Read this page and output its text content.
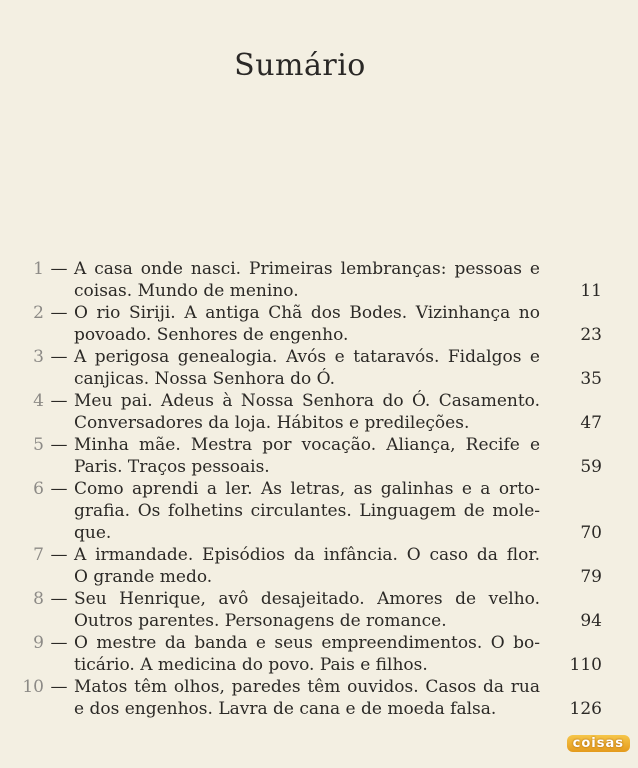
Sumário
1 — A casa onde nasci. Primeiras lembranças: pessoas e
coisas. Mundo de menino.	11
2 — O rio Siriji. A antiga Chã dos Bodes. Vizinhança no
povoado. Senhores de engenho.	23
3 — A perigosa genealogia. Avós e tataravós. Fidalgos e
canjicas. Nossa Senhora do Ó.	35
4 — Meu pai. Adeus à Nossa Senhora do Ó. Casamento.
Conversadores da loja. Hábitos e predileções.	47
5 — Minha mãe. Mestra por vocação. Aliança, Recife e
Paris. Traços pessoais.	59
6 — Como aprendi a ler. As letras, as galinhas e a orto-
grafia. Os folhetins circulantes. Linguagem de mole-
que.	70
7 — A irmandade. Episódios da infância. O caso da flor.
O grande medo.	79
8 — Seu Henrique, avô desajeitado. Amores de velho.
Outros parentes. Personagens de romance.	94
9 — O mestre da banda e seus empreendimentos. O bo-
ticário. A medicina do povo. Pais e filhos.	110
10 — Matos têm olhos, paredes têm ouvidos. Casos da rua
e dos engenhos. Lavra de cana e de moeda falsa.	126
coisas
